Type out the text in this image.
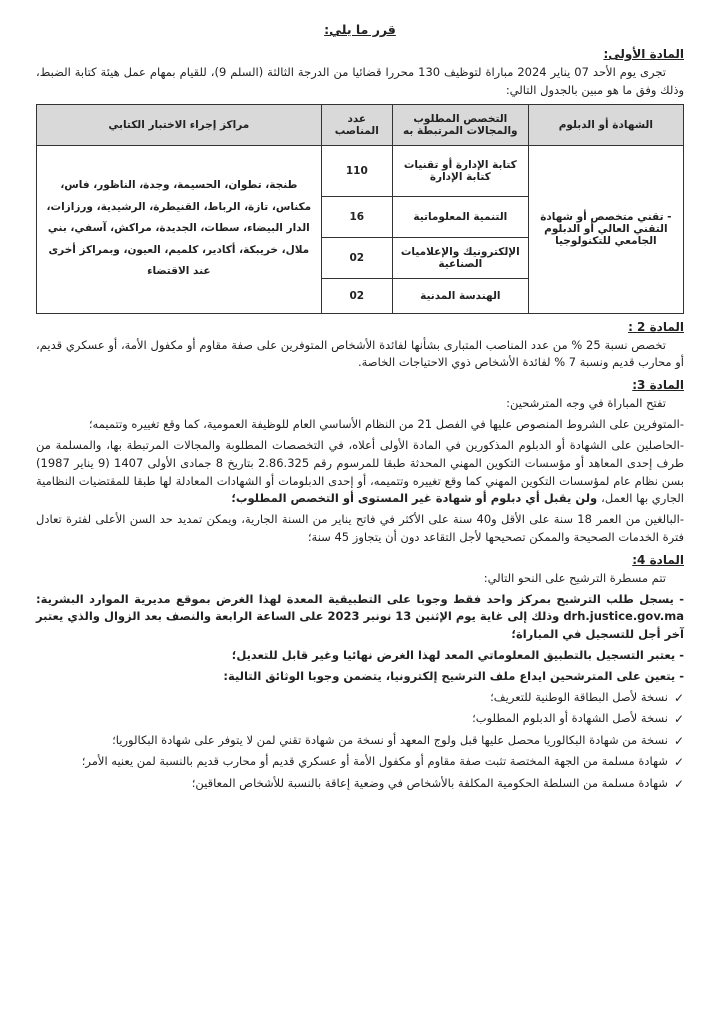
قرر ما يلي:
المادة الأولى:

تجرى يوم الأحد 07 يناير 2024 مباراة لتوظيف 130 محررا قضائيا من الدرجة الثالثة (السلم 9)، للقيام بمهام عمل هيئة كتابة الضبط، وذلك وفق ما هو مبين بالجدول التالي:

الشهادة أو الدبلوم	التخصص المطلوب والمجالات المرتبطة به	عدد المناصب	مراكز إجراء الاختبار الكتابي
- تقني متخصص أو شهادة التقني العالي أو الدبلوم الجامعي للتكنولوجيا	كتابة الإدارة أو تقنيات كتابة الإدارة	110	طنجة، تطوان، الحسيمة، وجدة، الناظور، فاس، مكناس، تازة، الرباط، القنيطرة، الرشيدية، ورزازات، الدار البيضاء، سطات، الجديدة، مراكش، آسفي، بني ملال، خريبكة، أكادير، كلميم، العيون، وبمراكز أخرى عند الاقتضاء
	التنمية المعلوماتية	16	
	الإلكترونيك والإعلاميات الصناعية	02	
	الهندسة المدنية	02	
المادة 2 :

تخصص نسبة 25 % من عدد المناصب المتبارى بشأنها لفائدة الأشخاص المتوفرين على صفة مقاوم أو مكفول الأمة، أو عسكري قديم، أو محارب قديم ونسبة 7 % لفائدة الأشخاص ذوي الاحتياجات الخاصة.

المادة 3:

تفتح المباراة في وجه المترشحين:

-المتوفرين على الشروط المنصوص عليها في الفصل 21 من النظام الأساسي العام للوظيفة العمومية، كما وقع تغييره وتتميمه؛

-الحاصلين على الشهادة أو الدبلوم المذكورين في المادة الأولى أعلاه، في التخصصات المطلوبة والمجالات المرتبطة بها، والمسلمة من طرف إحدى المعاهد أو مؤسسات التكوين المهني المحدثة طبقا للمرسوم رقم 2.86.325 بتاريخ 8 جمادى الأولى 1407 (9 يناير 1987) بسن نظام عام لمؤسسات التكوين المهني كما وقع تغييره وتتميمه، أو إحدى الدبلومات أو الشهادات المعادلة لها طبقا للمقتضيات النظامية الجاري بها العمل، ولن يقبل أي دبلوم أو شهادة غير المستوى أو التخصص المطلوب؛

-البالغين من العمر 18 سنة على الأقل و40 سنة على الأكثر في فاتح يناير من السنة الجارية، ويمكن تمديد حد السن الأعلى لفترة تعادل فترة الخدمات الصحيحة والممكن تصحيحها لأجل التقاعد دون أن يتجاوز 45 سنة؛

المادة 4:

تتم مسطرة الترشيح على النحو التالي:

- يسجل طلب الترشيح بمركز واحد فقط وجوبا على التطبيقية المعدة لهذا الغرض بموقع مديرية الموارد البشرية: drh.justice.gov.ma وذلك إلى غاية يوم الإثنين 13 نونبر 2023 على الساعة الرابعة والنصف بعد الزوال والذي يعتبر آخر أجل للتسجيل في المباراة؛

- يعتبر التسجيل بالتطبيق المعلوماتي المعد لهذا الغرض نهائيا وغير قابل للتعديل؛

- يتعين على المترشحين ايداع ملف الترشيح إلكترونيا، يتضمن وجوبا الوثائق التالية:

✓
نسخة لأصل البطاقة الوطنية للتعريف؛
✓
نسخة لأصل الشهادة أو الدبلوم المطلوب؛
✓
نسخة من شهادة البكالوريا محصل عليها قبل ولوج المعهد أو نسخة من شهادة تقني لمن لا يتوفر على شهادة البكالوريا؛
✓
شهادة مسلمة من الجهة المختصة تثبت صفة مقاوم أو مكفول الأمة أو عسكري قديم أو محارب قديم بالنسبة لمن يعنيه الأمر؛
✓
شهادة مسلمة من السلطة الحكومية المكلفة بالأشخاص في وضعية إعاقة بالنسبة للأشخاص المعاقين؛
